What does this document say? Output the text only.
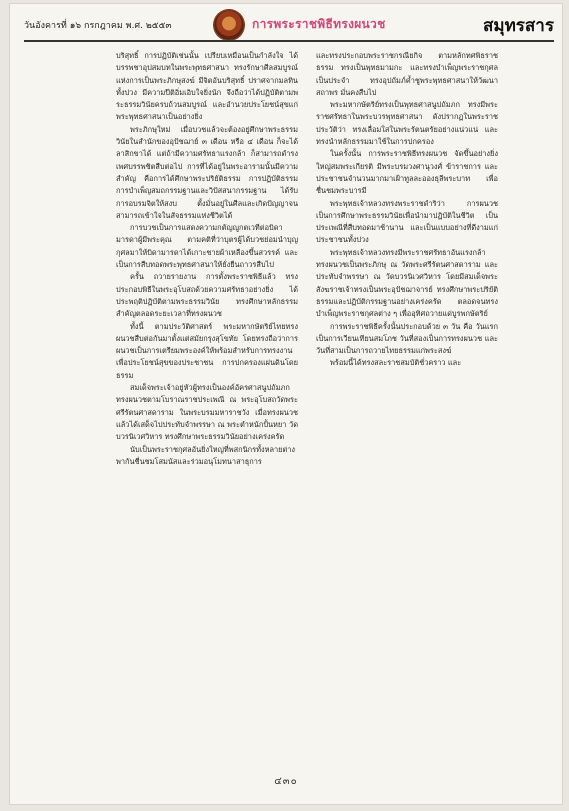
วันอังคารที่ ๑๖ กรกฎาคม พ.ศ. ๒๕๕๓	การพระราชพิธีทรงผนวช	สมุทรสาร

บริสุทธิ์ การปฏิบัติเช่นนั้น เปรียบเหมือนเป็นกำลังใจ ได้บรรพชาอุปสมบทในพระพุทธศาสนา ทรงรักษาศีลสมบูรณ์แห่งการเป็นพระภิกษุสงฆ์ มีจิตอันบริสุทธิ์ ปราศจากมลทินทั้งปวง มีความปีติอิ่มเอิบใจยิ่งนัก จึงถือว่าได้ปฏิบัติตามพระธรรมวินัยครบถ้วนสมบูรณ์ และอำนวยประโยชน์สุขแก่พระพุทธศาสนาเป็นอย่างยิ่ง

พระภิกษุใหม่ เมื่อบวชแล้วจะต้องอยู่ศึกษาพระธรรมวินัยในสำนักของอุปัชฌาย์ ๓ เดือน หรือ ๔ เดือน ก็จะได้ลาสิกขาได้ แต่ถ้ามีความศรัทธาแรงกล้า ก็สามารถดำรงเพศบรรพชิตสืบต่อไป การที่ได้อยู่ในพระอารามนั้นมีความสำคัญ คือการได้ศึกษาพระปริยัติธรรม การปฏิบัติธรรม การบำเพ็ญสมถกรรมฐานและวิปัสสนากรรมฐาน ได้รับการอบรมจิตให้สงบ ตั้งมั่นอยู่ในศีลและเกิดปัญญาจนสามารถเข้าใจในสัจธรรมแห่งชีวิตได้

การบวชเป็นการแสดงความกตัญญูกตเวทีต่อบิดามารดาผู้มีพระคุณ ตามคติที่ว่าบุตรผู้ได้บวชย่อมนำบุญกุศลมาให้บิดามารดาได้เกาะชายผ้าเหลืองขึ้นสวรรค์ และเป็นการสืบทอดพระพุทธศาสนาให้ยั่งยืนถาวรสืบไป

ครั้น ถวายรายงาน การตั้งพระราชพิธีแล้ว ทรงประกอบพิธีในพระอุโบสถด้วยความศรัทธาอย่างยิ่ง ได้ประพฤติปฏิบัติตามพระธรรมวินัย ทรงศึกษาหลักธรรมสำคัญตลอดระยะเวลาที่ทรงผนวช

ทั้งนี้ ตามประวัติศาสตร์ พระมหากษัตริย์ไทยทรงผนวชสืบต่อกันมาตั้งแต่สมัยกรุงสุโขทัย โดยทรงถือว่าการผนวชเป็นการเตรียมพระองค์ให้พร้อมสำหรับการทรงงานเพื่อประโยชน์สุขของประชาชน การปกครองแผ่นดินโดยธรรม

สมเด็จพระเจ้าอยู่หัวผู้ทรงเป็นองค์อัครศาสนูปถัมภก ทรงผนวชตามโบราณราชประเพณี ณ พระอุโบสถวัดพระศรีรัตนศาสดาราม ในพระบรมมหาราชวัง เมื่อทรงผนวชแล้วได้เสด็จไปประทับจำพรรษา ณ พระตำหนักปั้นหยา วัดบวรนิเวศวิหาร ทรงศึกษาพระธรรมวินัยอย่างเคร่งครัด

นับเป็นพระราชกุศลอันยิ่งใหญ่ที่พสกนิกรทั้งหลายต่างพากันชื่นชมโสมนัสและร่วมอนุโมทนาสาธุการ

และทรงประกอบพระราชกรณียกิจ ตามหลักทศพิธราชธรรม ทรงเป็นพุทธมามกะ และทรงบำเพ็ญพระราชกุศลเป็นประจำ ทรงอุปถัมภ์ค้ำชูพระพุทธศาสนาให้วัฒนาสถาพร มั่นคงสืบไป

พระมหากษัตริย์ทรงเป็นพุทธศาสนูปถัมภก ทรงมีพระราชศรัทธาในพระบวรพุทธศาสนา ดังปรากฏในพระราชประวัติว่า ทรงเลื่อมใสในพระรัตนตรัยอย่างแน่วแน่ และทรงนำหลักธรรมมาใช้ในการปกครอง

ในครั้งนั้น การพระราชพิธีทรงผนวช จัดขึ้นอย่างยิ่งใหญ่สมพระเกียรติ มีพระบรมวงศานุวงศ์ ข้าราชการ และประชาชนจำนวนมากมาเฝ้าทูลละอองธุลีพระบาท เพื่อชื่นชมพระบารมี

พระพุทธเจ้าหลวงทรงพระราชดำริว่า การผนวชเป็นการศึกษาพระธรรมวินัยเพื่อนำมาปฏิบัติในชีวิต เป็นประเพณีที่สืบทอดมาช้านาน และเป็นแบบอย่างที่ดีงามแก่ประชาชนทั้งปวง

พระพุทธเจ้าหลวงทรงมีพระราชศรัทธาอันแรงกล้า ทรงผนวชเป็นพระภิกษุ ณ วัดพระศรีรัตนศาสดาราม และประทับจำพรรษา ณ วัดบวรนิเวศวิหาร โดยมีสมเด็จพระสังฆราชเจ้าทรงเป็นพระอุปัชฌาจารย์ ทรงศึกษาพระปริยัติธรรมและปฏิบัติกรรมฐานอย่างเคร่งครัด ตลอดจนทรงบำเพ็ญพระราชกุศลต่าง ๆ เพื่ออุทิศถวายแด่บูรพกษัตริย์

การพระราชพิธีครั้งนั้นประกอบด้วย ๓ วัน คือ วันแรกเป็นการเวียนเทียนสมโภช วันที่สองเป็นการทรงผนวช และวันที่สามเป็นการถวายไทยธรรมแก่พระสงฆ์

พร้อมนี้ได้ทรงสละราชสมบัติชั่วคราว และ

๔๓๐
